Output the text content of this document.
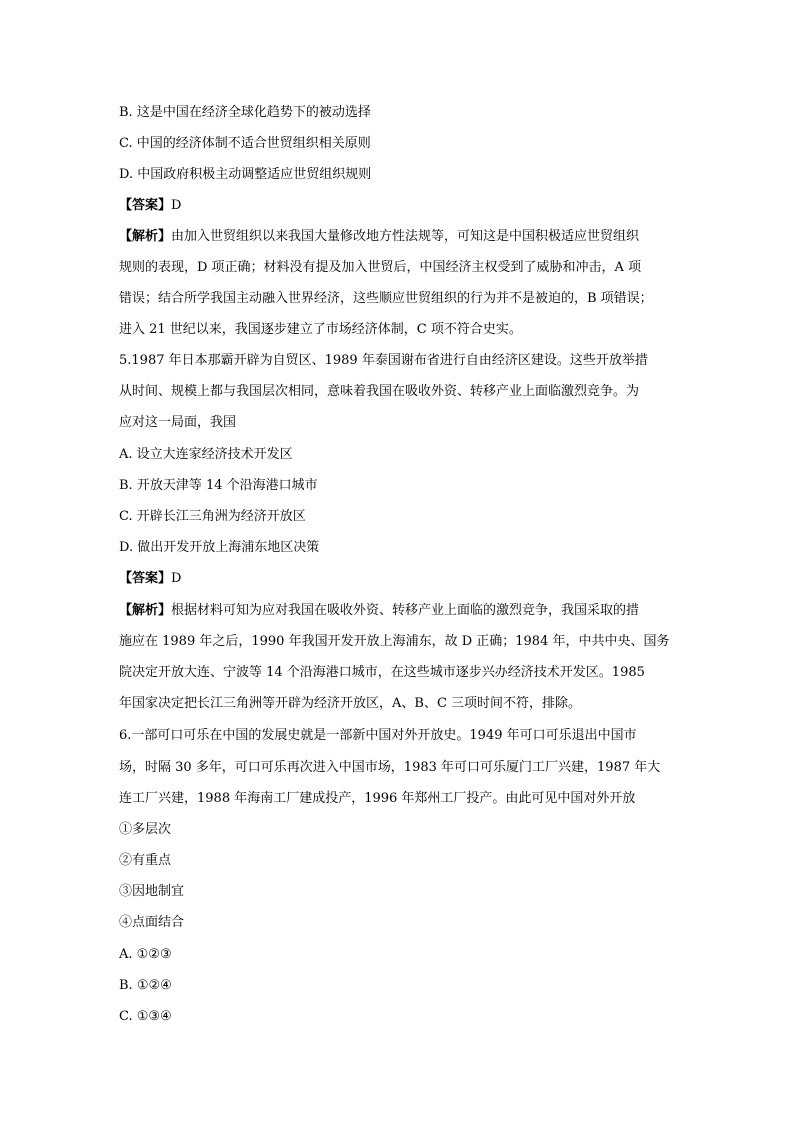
B. 这是中国在经济全球化趋势下的被动选择
C. 中国的经济体制不适合世贸组织相关原则
D. 中国政府积极主动调整适应世贸组织规则
【答案】D
【解析】由加入世贸组织以来我国大量修改地方性法规等，可知这是中国积极适应世贸组织
规则的表现，D 项正确；材料没有提及加入世贸后，中国经济主权受到了威胁和冲击，A 项
错误；结合所学我国主动融入世界经济，这些顺应世贸组织的行为并不是被迫的，B 项错误；
进入 21 世纪以来，我国逐步建立了市场经济体制，C 项不符合史实。
5.1987 年日本那霸开辟为自贸区、1989 年泰国谢布省进行自由经济区建设。这些开放举措
从时间、规模上都与我国层次相同，意味着我国在吸收外资、转移产业上面临激烈竞争。为
应对这一局面，我国
A. 设立大连家经济技术开发区
B. 开放天津等 14 个沿海港口城市
C. 开辟长江三角洲为经济开放区
D. 做出开发开放上海浦东地区决策
【答案】D
【解析】根据材料可知为应对我国在吸收外资、转移产业上面临的激烈竞争，我国采取的措
施应在 1989 年之后，1990 年我国开发开放上海浦东，故 D 正确；1984 年，中共中央、国务
院决定开放大连、宁波等 14 个沿海港口城市，在这些城市逐步兴办经济技术开发区。1985
年国家决定把长江三角洲等开辟为经济开放区，A、B、C 三项时间不符，排除。
6.一部可口可乐在中国的发展史就是一部新中国对外开放史。1949 年可口可乐退出中国市
场，时隔 30 多年，可口可乐再次进入中国市场，1983 年可口可乐厦门工厂兴建，1987 年大
连工厂兴建，1988 年海南工厂建成投产，1996 年郑州工厂投产。由此可见中国对外开放
①多层次
②有重点
③因地制宜
④点面结合
A. ①②③
B. ①②④
C. ①③④
